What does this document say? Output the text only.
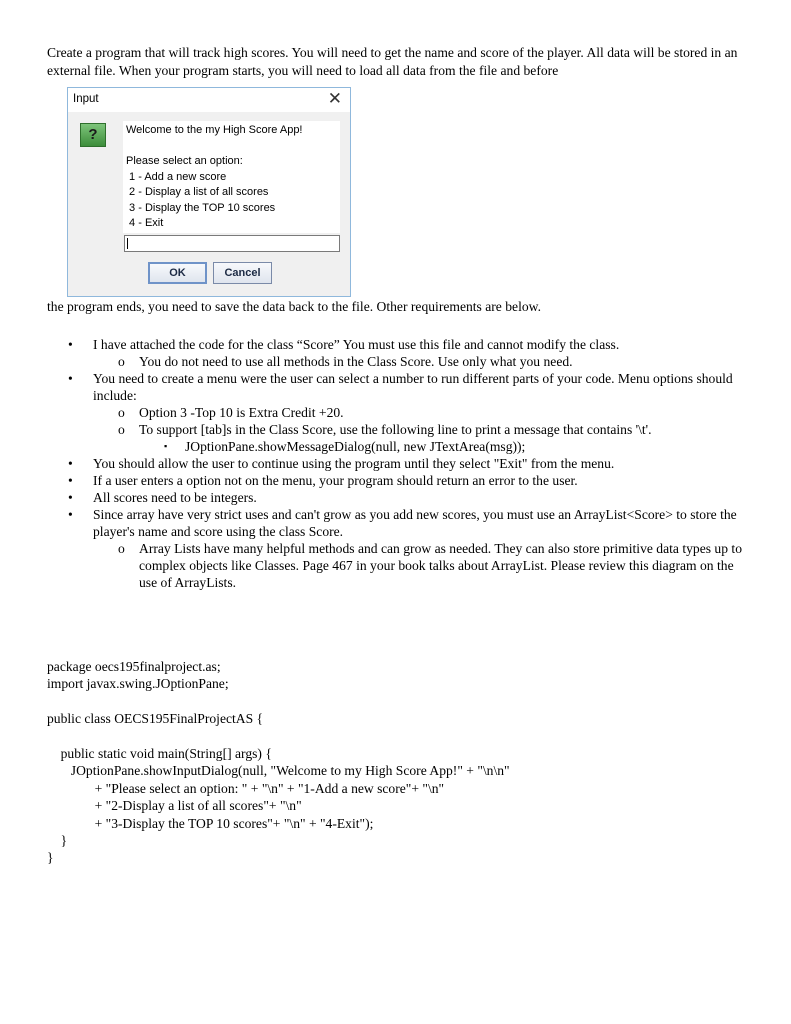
Create a program that will track high scores. You will need to get the name and score of the player. All data will be stored in an external file. When your program starts, you will need to load all data from the file and before

Input	✕
?	Welcome to the my High Score App!
Please select an option:
1 - Add a new score
2 - Display a list of all scores
3 - Display the TOP 10 scores
4 - Exit
OK	Cancel

the program ends, you need to save the data back to the file. Other requirements are below.

• I have attached the code for the class “Score” You must use this file and cannot modify the class.
o You do not need to use all methods in the Class Score. Use only what you need.
• You need to create a menu were the user can select a number to run different parts of your code. Menu options should include:
o Option 3 -Top 10 is Extra Credit +20.
o To support [tab]s in the Class Score, use the following line to print a message that contains '\t'.
▪ JOptionPane.showMessageDialog(null, new JTextArea(msg));
• You should allow the user to continue using the program until they select "Exit" from the menu.
• If a user enters a option not on the menu, your program should return an error to the user.
• All scores need to be integers.
• Since array have very strict uses and can't grow as you add new scores, you must use an ArrayList<Score> to store the player's name and score using the class Score.
o Array Lists have many helpful methods and can grow as needed. They can also store primitive data types up to complex objects like Classes. Page 467 in your book talks about ArrayList. Please review this diagram on the use of ArrayLists.
package oecs195finalproject.as;
import javax.swing.JOptionPane;
public class OECS195FinalProjectAS {
public static void main(String[] args) {
JOptionPane.showInputDialog(null, "Welcome to my High Score App!" + "\n\n"
+ "Please select an option: " + "\n" + "1-Add a new score"+ "\n"
+ "2-Display a list of all scores"+ "\n"
+ "3-Display the TOP 10 scores"+ "\n" + "4-Exit");
}
}
